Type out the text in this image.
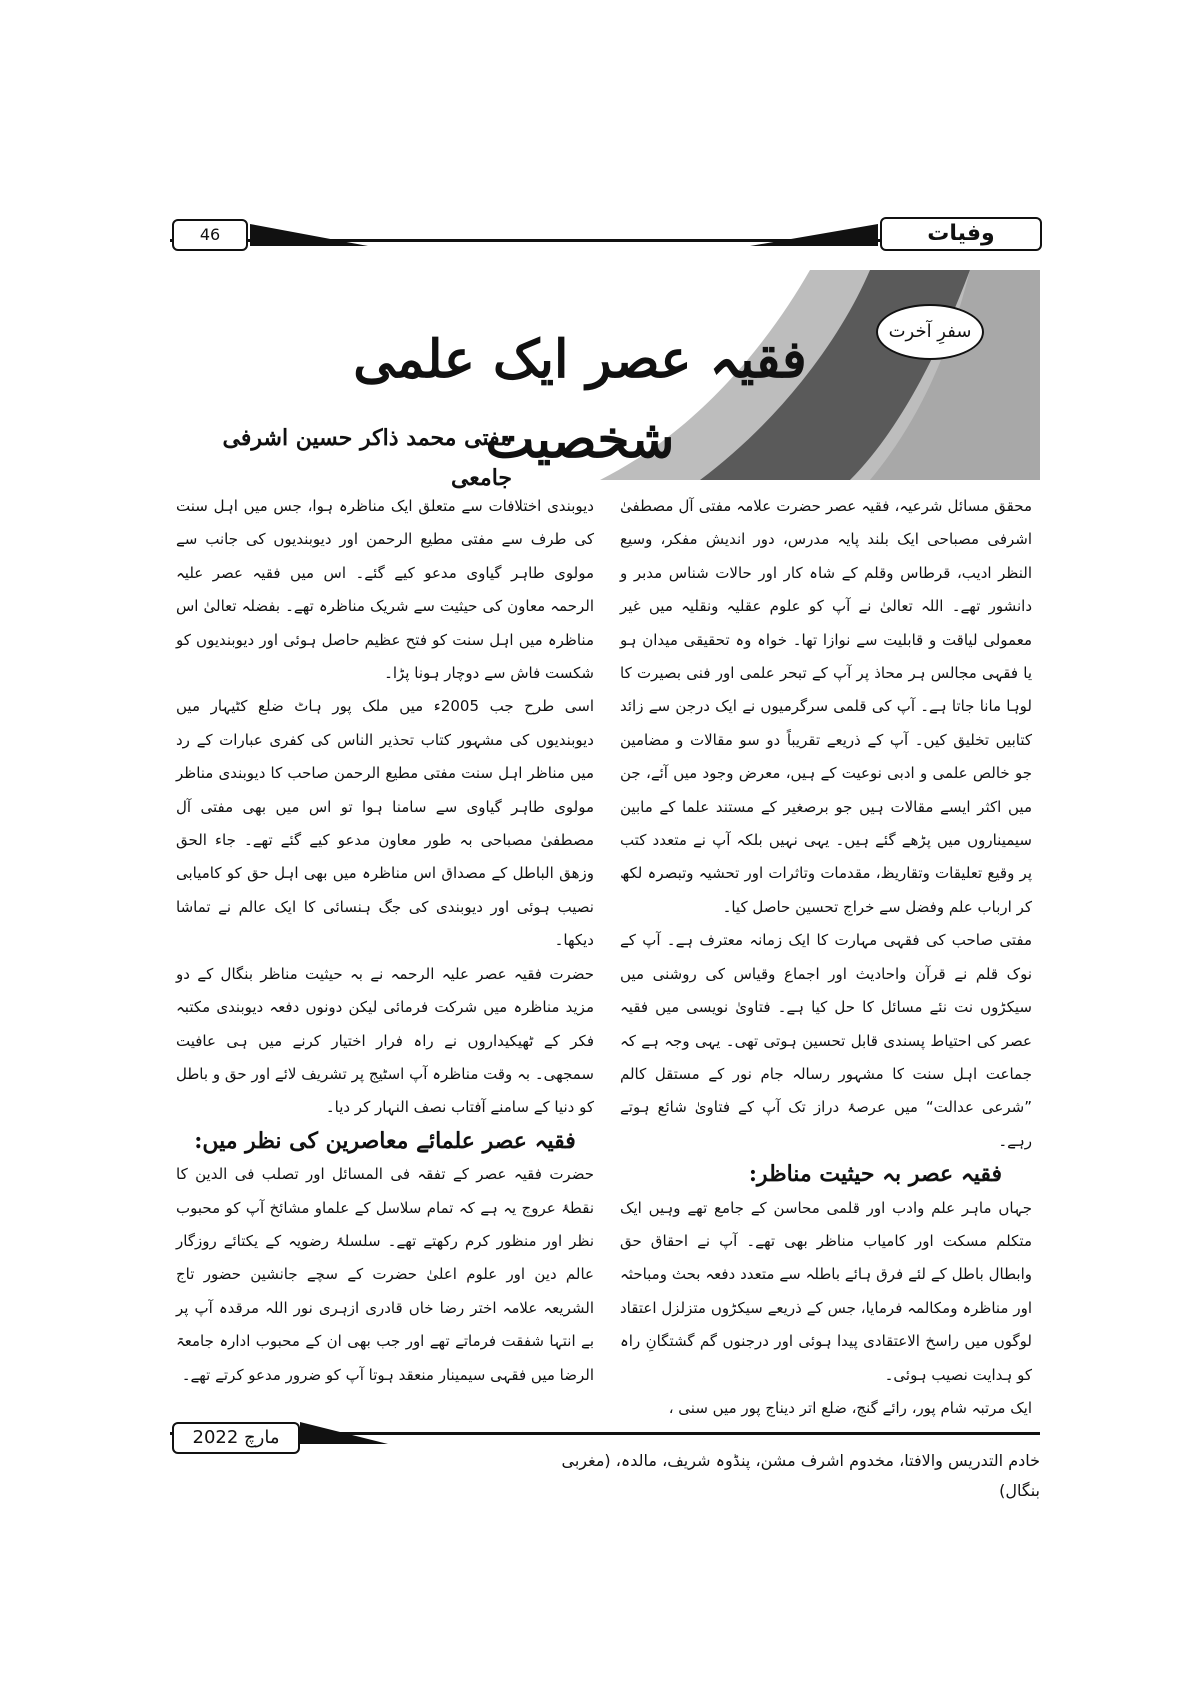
46	وفیات
سفرِ آخرت
فقیہ عصر ایک علمی شخصیت
مفتی محمد ذاکر حسین اشرفی جامعی

محقق مسائل شرعیہ، فقیہ عصر حضرت علامہ مفتی آل مصطفیٰ اشرفی مصباحی ایک بلند پایہ مدرس، دور اندیش مفکر، وسیع النظر ادیب، قرطاس وقلم کے شاہ کار اور حالات شناس مدبر و دانشور تھے۔ اللہ تعالیٰ نے آپ کو علوم عقلیہ ونقلیہ میں غیر معمولی لیاقت و قابلیت سے نوازا تھا۔ خواہ وہ تحقیقی میدان ہو یا فقہی مجالس ہر محاذ پر آپ کے تبحر علمی اور فنی بصیرت کا لوہا مانا جاتا ہے۔ آپ کی قلمی سرگرمیوں نے ایک درجن سے زائد کتابیں تخلیق کیں۔ آپ کے ذریعے تقریباً دو سو مقالات و مضامین جو خالص علمی و ادبی نوعیت کے ہیں، معرض وجود میں آئے، جن میں اکثر ایسے مقالات ہیں جو برصغیر کے مستند علما کے مابین سیمیناروں میں پڑھے گئے ہیں۔ یہی نہیں بلکہ آپ نے متعدد کتب پر وقیع تعلیقات وتقاریظ، مقدمات وتاثرات اور تحشیہ وتبصرہ لکھ کر ارباب علم وفضل سے خراج تحسین حاصل کیا۔

مفتی صاحب کی فقہی مہارت کا ایک زمانہ معترف ہے۔ آپ کے نوک قلم نے قرآن واحادیث اور اجماع وقیاس کی روشنی میں سیکڑوں نت نئے مسائل کا حل کیا ہے۔ فتاویٰ نویسی میں فقیہ عصر کی احتیاط پسندی قابل تحسین ہوتی تھی۔ یہی وجہ ہے کہ جماعت اہل سنت کا مشہور رسالہ جام نور کے مستقل کالم ”شرعی عدالت“ میں عرصۂ دراز تک آپ کے فتاویٰ شائع ہوتے رہے۔

فقیہ عصر بہ حیثیت مناظر:

جہاں ماہر علم وادب اور قلمی محاسن کے جامع تھے وہیں ایک متکلم مسکت اور کامیاب مناظر بھی تھے۔ آپ نے احقاق حق وابطال باطل کے لئے فرق ہائے باطلہ سے متعدد دفعہ بحث ومباحثہ اور مناظرہ ومکالمہ فرمایا، جس کے ذریعے سیکڑوں متزلزل اعتقاد لوگوں میں راسخ الاعتقادی پیدا ہوئی اور درجنوں گم گشتگانِ راہ کو ہدایت نصیب ہوئی۔

ایک مرتبہ شام پور، رائے گنج، ضلع اتر دیناج پور میں سنی ،

دیوبندی اختلافات سے متعلق ایک مناظرہ ہوا، جس میں اہل سنت کی طرف سے مفتی مطیع الرحمن اور دیوبندیوں کی جانب سے مولوی طاہر گیاوی مدعو کیے گئے۔ اس میں فقیہ عصر علیہ الرحمہ معاون کی حیثیت سے شریک مناظرہ تھے۔ بفضلہ تعالیٰ اس مناظرہ میں اہل سنت کو فتح عظیم حاصل ہوئی اور دیوبندیوں کو شکست فاش سے دوچار ہونا پڑا۔

اسی طرح جب 2005ء میں ملک پور ہاٹ ضلع کٹیہار میں دیوبندیوں کی مشہور کتاب تحذیر الناس کی کفری عبارات کے رد میں مناظر اہل سنت مفتی مطیع الرحمن صاحب کا دیوبندی مناظر مولوی طاہر گیاوی سے سامنا ہوا تو اس میں بھی مفتی آل مصطفیٰ مصباحی بہ طور معاون مدعو کیے گئے تھے۔ جاء الحق وزھق الباطل کے مصداق اس مناظرہ میں بھی اہل حق کو کامیابی نصیب ہوئی اور دیوبندی کی جگ ہنسائی کا ایک عالم نے تماشا دیکھا۔

حضرت فقیہ عصر علیہ الرحمہ نے بہ حیثیت مناظر بنگال کے دو مزید مناظرہ میں شرکت فرمائی لیکن دونوں دفعہ دیوبندی مکتبہ فکر کے ٹھیکیداروں نے راہ فرار اختیار کرنے میں ہی عافیت سمجھی۔ بہ وقت مناظرہ آپ اسٹیج پر تشریف لائے اور حق و باطل کو دنیا کے سامنے آفتاب نصف النہار کر دیا۔

فقیہ عصر علمائے معاصرین کی نظر میں:

حضرت فقیہ عصر کے تفقہ فی المسائل اور تصلب فی الدین کا نقطۂ عروج یہ ہے کہ تمام سلاسل کے علماو مشائخ آپ کو محبوب نظر اور منظور کرم رکھتے تھے۔ سلسلۂ رضویہ کے یکتائے روزگار عالم دین اور علوم اعلیٰ حضرت کے سچے جانشین حضور تاج الشریعہ علامہ اختر رضا خاں قادری ازہری نور اللہ مرقدہ آپ پر بے انتہا شفقت فرماتے تھے اور جب بھی ان کے محبوب ادارہ جامعۃ الرضا میں فقہی سیمینار منعقد ہوتا آپ کو ضرور مدعو کرتے تھے۔

مارچ 2022
خادم التدریس والافتا، مخدوم اشرف مشن، پنڈوہ شریف، مالدہ، (مغربی بنگال)
